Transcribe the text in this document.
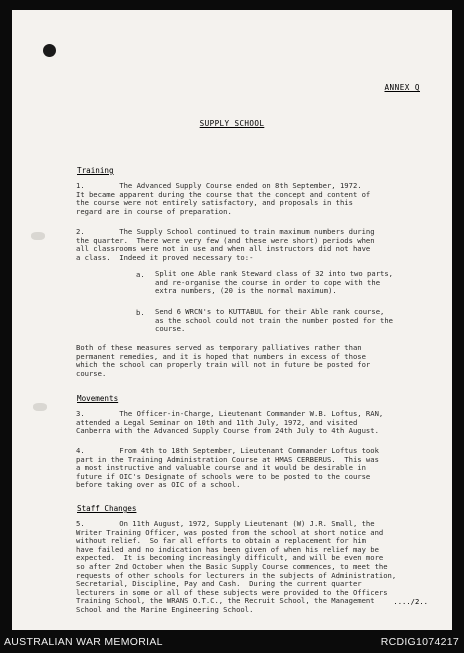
ANNEX Q
SUPPLY SCHOOL
Training
1.        The Advanced Supply Course ended on 8th September, 1972.
It became apparent during the course that the concept and content of
the course were not entirely satisfactory, and proposals in this
regard are in course of preparation.
2.        The Supply School continued to train maximum numbers during
the quarter.  There were very few (and these were short) periods when
all classrooms were not in use and when all instructors did not have
a class.  Indeed it proved necessary to:-
a. Split one Able rank Steward class of 32 into two parts,
and re-organise the course in order to cope with the
extra numbers, (20 is the normal maximum).
b. Send 6 WRCN's to KUTTABUL for their Able rank course,
as the school could not train the number posted for the
course.
Both of these measures served as temporary palliatives rather than
permanent remedies, and it is hoped that numbers in excess of those
which the school can properly train will not in future be posted for
course.
Movements
3.        The Officer-in-Charge, Lieutenant Commander W.B. Loftus, RAN,
attended a Legal Seminar on 10th and 11th July, 1972, and visited
Canberra with the Advanced Supply Course from 24th July to 4th August.
4.        From 4th to 18th September, Lieutenant Commander Loftus took
part in the Training Administration Course at HMAS CERBERUS.  This was
a most instructive and valuable course and it would be desirable in
future if OIC's Designate of schools were to be posted to the course
before taking over as OIC of a school.
Staff Changes
5.        On 11th August, 1972, Supply Lieutenant (W) J.R. Small, the
Writer Training Officer, was posted from the school at short notice and
without relief.  So far all efforts to obtain a replacement for him
have failed and no indication has been given of when his relief may be
expected.  It is becoming increasingly difficult, and will be even more
so after 2nd October when the Basic Supply Course commences, to meet the
requests of other schools for lecturers in the subjects of Administration,
Secretarial, Discipline, Pay and Cash.  During the current quarter
lecturers in some or all of these subjects were provided to the Officers
Training School, the WRANS O.T.C., the Recruit School, the Management
School and the Marine Engineering School.
..../2..
AUSTRALIAN WAR MEMORIAL	RCDIG1074217
